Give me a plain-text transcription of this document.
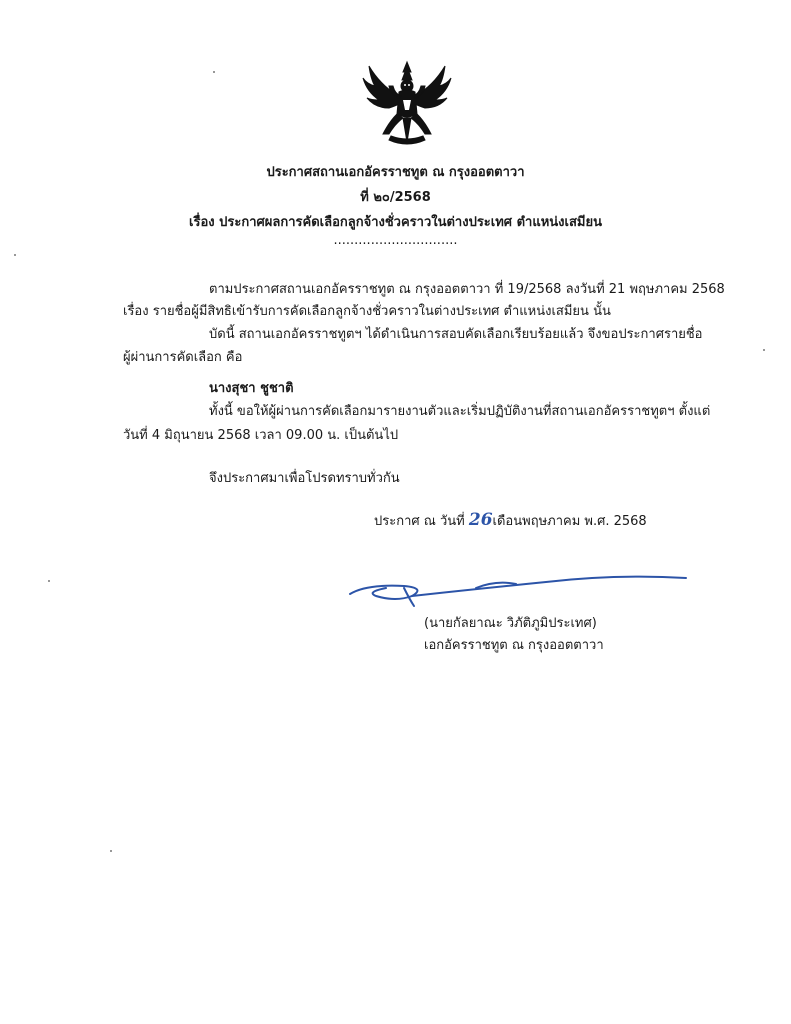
ประกาศสถานเอกอัครราชทูต ณ กรุงออตตาวา
ที่ ๒๐/2568
เรื่อง ประกาศผลการคัดเลือกลูกจ้างชั่วคราวในต่างประเทศ ตำแหน่งเสมียน
..............................
ตามประกาศสถานเอกอัครราชทูต ณ กรุงออตตาวา ที่ 19/2568 ลงวันที่ 21 พฤษภาคม 2568
เรื่อง รายชื่อผู้มีสิทธิเข้ารับการคัดเลือกลูกจ้างชั่วคราวในต่างประเทศ ตำแหน่งเสมียน นั้น
บัดนี้ สถานเอกอัครราชทูตฯ ได้ดำเนินการสอบคัดเลือกเรียบร้อยแล้ว จึงขอประกาศรายชื่อ
ผู้ผ่านการคัดเลือก คือ
นางสุชา ชูชาติ
ทั้งนี้ ขอให้ผู้ผ่านการคัดเลือกมารายงานตัวและเริ่มปฏิบัติงานที่สถานเอกอัครราชทูตฯ ตั้งแต่
วันที่ 4 มิถุนายน 2568 เวลา 09.00 น. เป็นต้นไป
จึงประกาศมาเพื่อโปรดทราบทั่วกัน
ประกาศ ณ วันที่ 26เดือนพฤษภาคม พ.ศ. 2568
(นายกัลยาณะ วิภัติภูมิประเทศ)
เอกอัครราชทูต ณ กรุงออตตาวา
